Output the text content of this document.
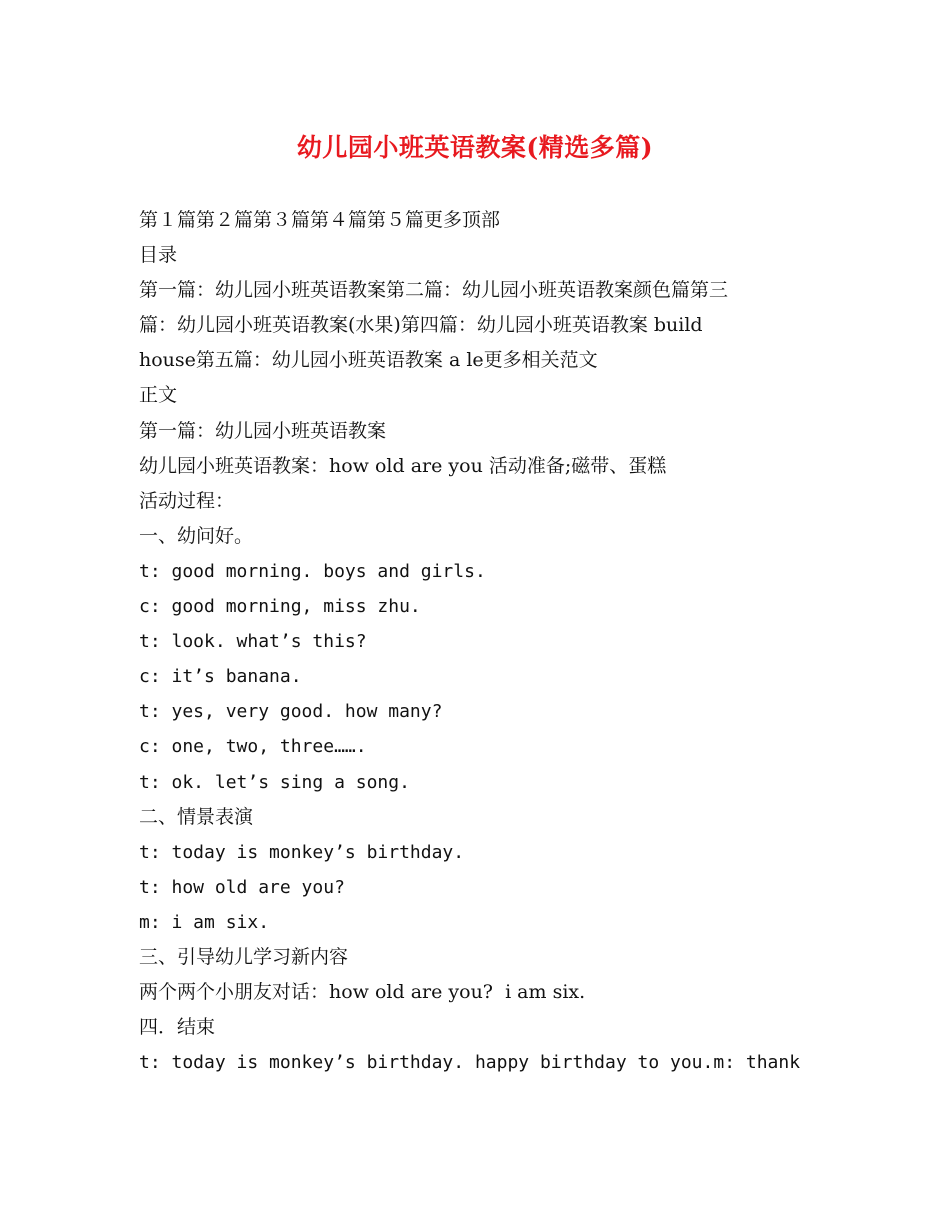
幼儿园小班英语教案(精选多篇)
第１篇第２篇第３篇第４篇第５篇更多顶部
目录
第一篇：幼儿园小班英语教案第二篇：幼儿园小班英语教案颜色篇第三
篇：幼儿园小班英语教案(水果)第四篇：幼儿园小班英语教案 build
house第五篇：幼儿园小班英语教案 a le更多相关范文
正文
第一篇：幼儿园小班英语教案
幼儿园小班英语教案：how old are you 活动准备;磁带、蛋糕
活动过程：
一、幼问好。
t: good morning. boys and girls.
c: good morning, miss zhu.
t: look. what’s this?
c: it’s banana.
t: yes, very good. how many?
c: one, two, three…….
t: ok. let’s sing a song.
二、情景表演
t: today is monkey’s birthday.
t: how old are you?
m: i am six.
三、引导幼儿学习新内容
两个两个小朋友对话：how old are you?  i am six.
四．结束
t: today is monkey’s birthday. happy birthday to you.m: thank
